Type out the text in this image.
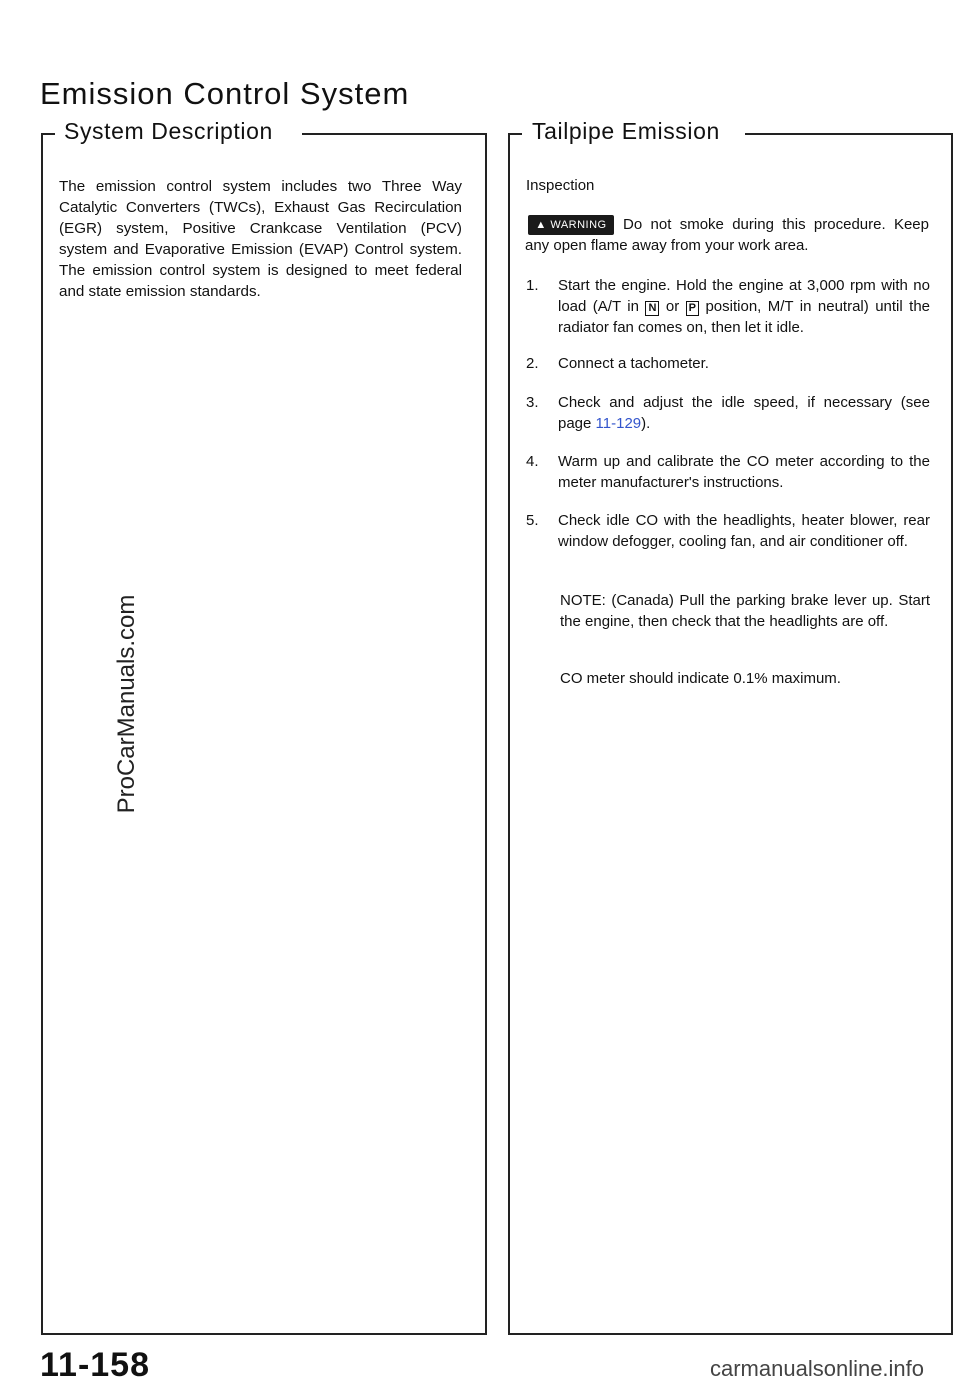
Emission Control System
System Description

The emission control system includes two Three Way Catalytic Converters (TWCs), Exhaust Gas Recirculation (EGR) system, Positive Crankcase Ventilation (PCV) system and Evaporative Emission (EVAP) Control system. The emission control system is designed to meet federal and state emission standards.

Tailpipe Emission
Inspection

Do not smoke during this procedure. Keep any open flame away from your work area.

▲ WARNING
1.	Start the engine. Hold the engine at 3,000 rpm with no load (A/T in N or P position, M/T in neutral) until the radiator fan comes on, then let it idle.
2.	Connect a tachometer.
3.	Check and adjust the idle speed, if necessary (see page 11-129).
4.	Warm up and calibrate the CO meter according to the meter manufacturer's instructions.
5.	Check idle CO with the headlights, heater blower, rear window defogger, cooling fan, and air conditioner off.

NOTE: (Canada) Pull the parking brake lever up. Start the engine, then check that the headlights are off.

CO meter should indicate 0.1% maximum.

ProCarManuals.com
11-158	carmanualsonline.info
